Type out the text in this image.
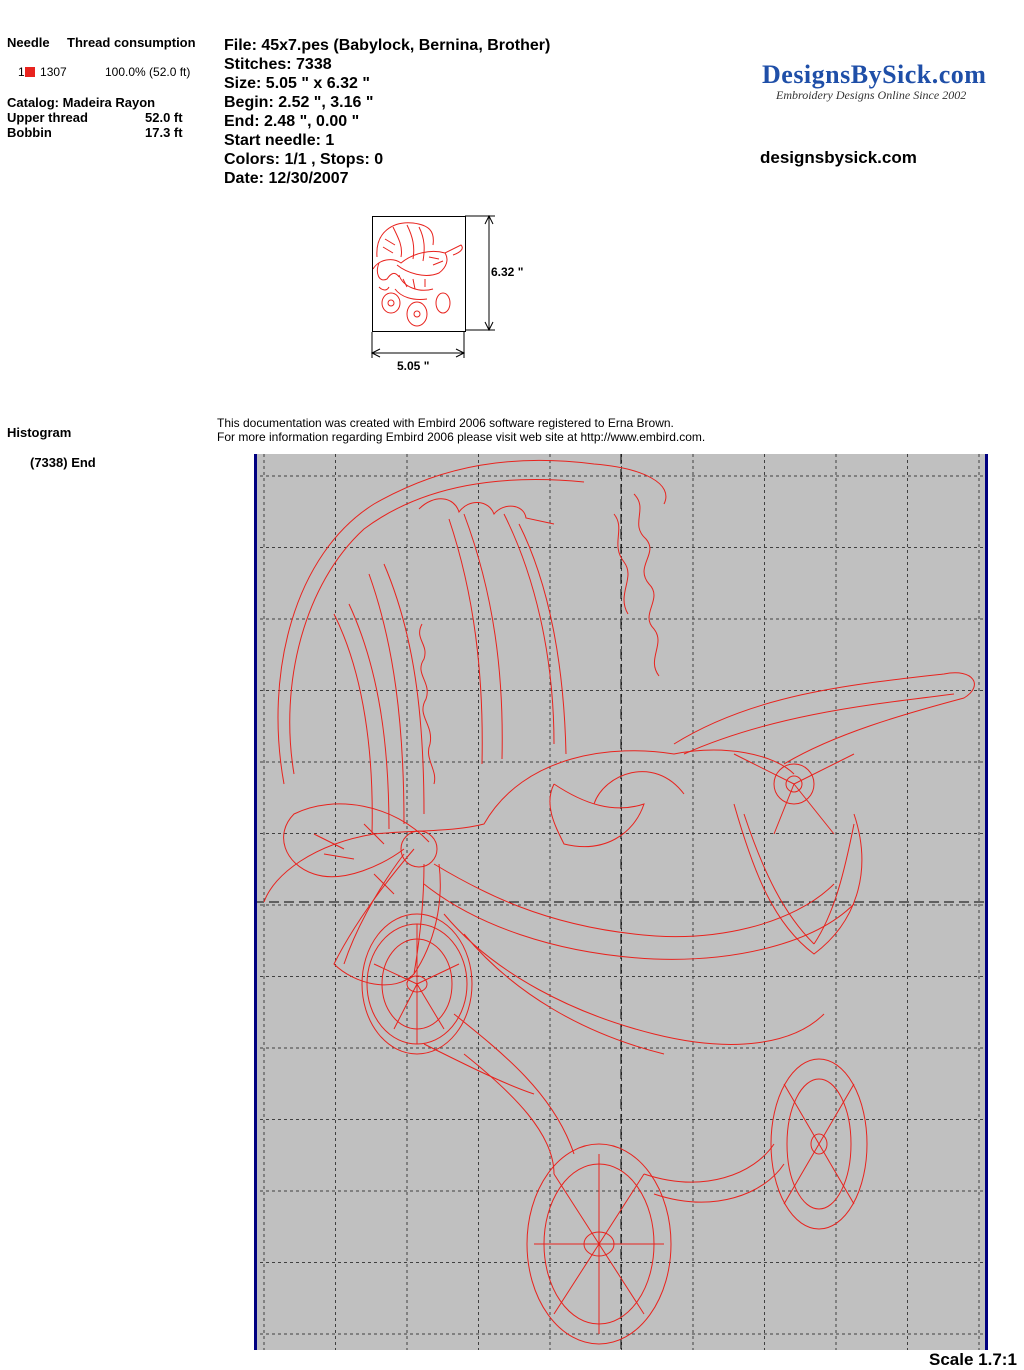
Needle Thread consumption
1 1307	100.0% (52.0 ft)
Catalog: Madeira Rayon
Upper thread	52.0 ft
Bobbin	17.3 ft
File: 45x7.pes (Babylock, Bernina, Brother)
Stitches: 7338
Size: 5.05 " x 6.32 "
Begin: 2.52 ", 3.16 "
End: 2.48 ", 0.00 "
Start needle: 1
Colors: 1/1 , Stops: 0
Date: 12/30/2007
DesignsBySick.com
Embroidery Designs Online Since 2002
designsbysick.com
6.32 "
5.05 "
Histogram
(7338) End
This documentation was created with Embird 2006 software registered to Erna Brown.
For more information regarding Embird 2006 please visit web site at http://www.embird.com.
Scale 1.7:1
